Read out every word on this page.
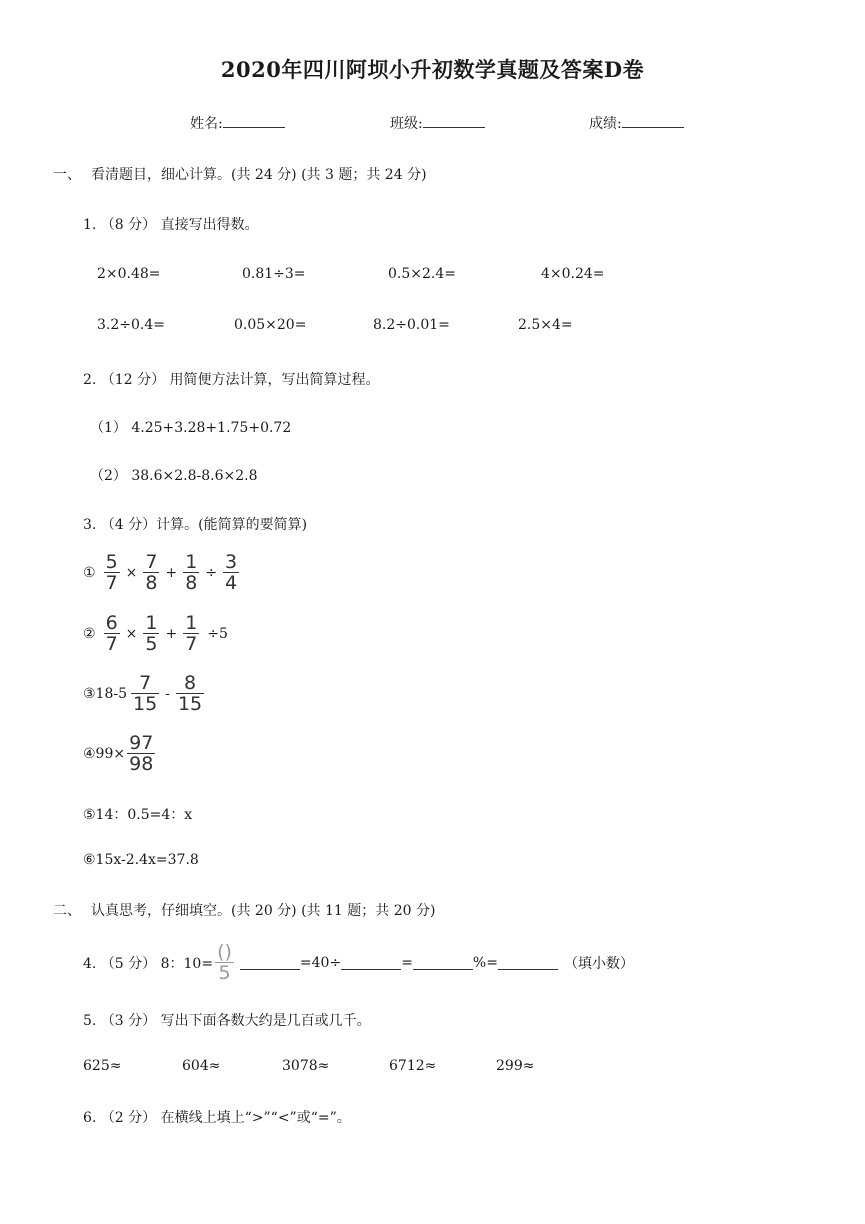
2020年四川阿坝小升初数学真题及答案D卷
姓名:	班级:	成绩:
一、 看清题目，细心计算。(共 24 分) (共 3 题；共 24 分)
1. （8 分） 直接写出得数。
2×0.48=	0.81÷3=	0.5×2.4=	4×0.24=
3.2÷0.4=	0.05×20=	8.2÷0.01=	2.5×4=
2. （12 分） 用简便方法计算，写出简算过程。
（1） 4.25+3.28+1.75+0.72
（2） 38.6×2.8-8.6×2.8
3. （4 分）计算。(能简算的要简算)
① $\frac{5}{7} \times \frac{7}{8} + \frac{1}{8} \div \frac{3}{4}$
② $\frac{6}{7} \times \frac{1}{5} + \frac{1}{7} \div 5$
③18-5 $\frac{7}{15} - \frac{8}{15}$
④99× $\frac{97}{98}$
⑤14：0.5=4：x
⑥15x-2.4x=37.8
二、 认真思考，仔细填空。(共 20 分) (共 11 题；共 20 分)
4. （5 分） 8：$10= \frac{()}{5}$	=40÷	=	%=	（填小数）
5. （3 分） 写出下面各数大约是几百或几千。
625≈	604≈	3078≈	6712≈	299≈
6. （2 分） 在横线上填上“>”“<”或“=”。
